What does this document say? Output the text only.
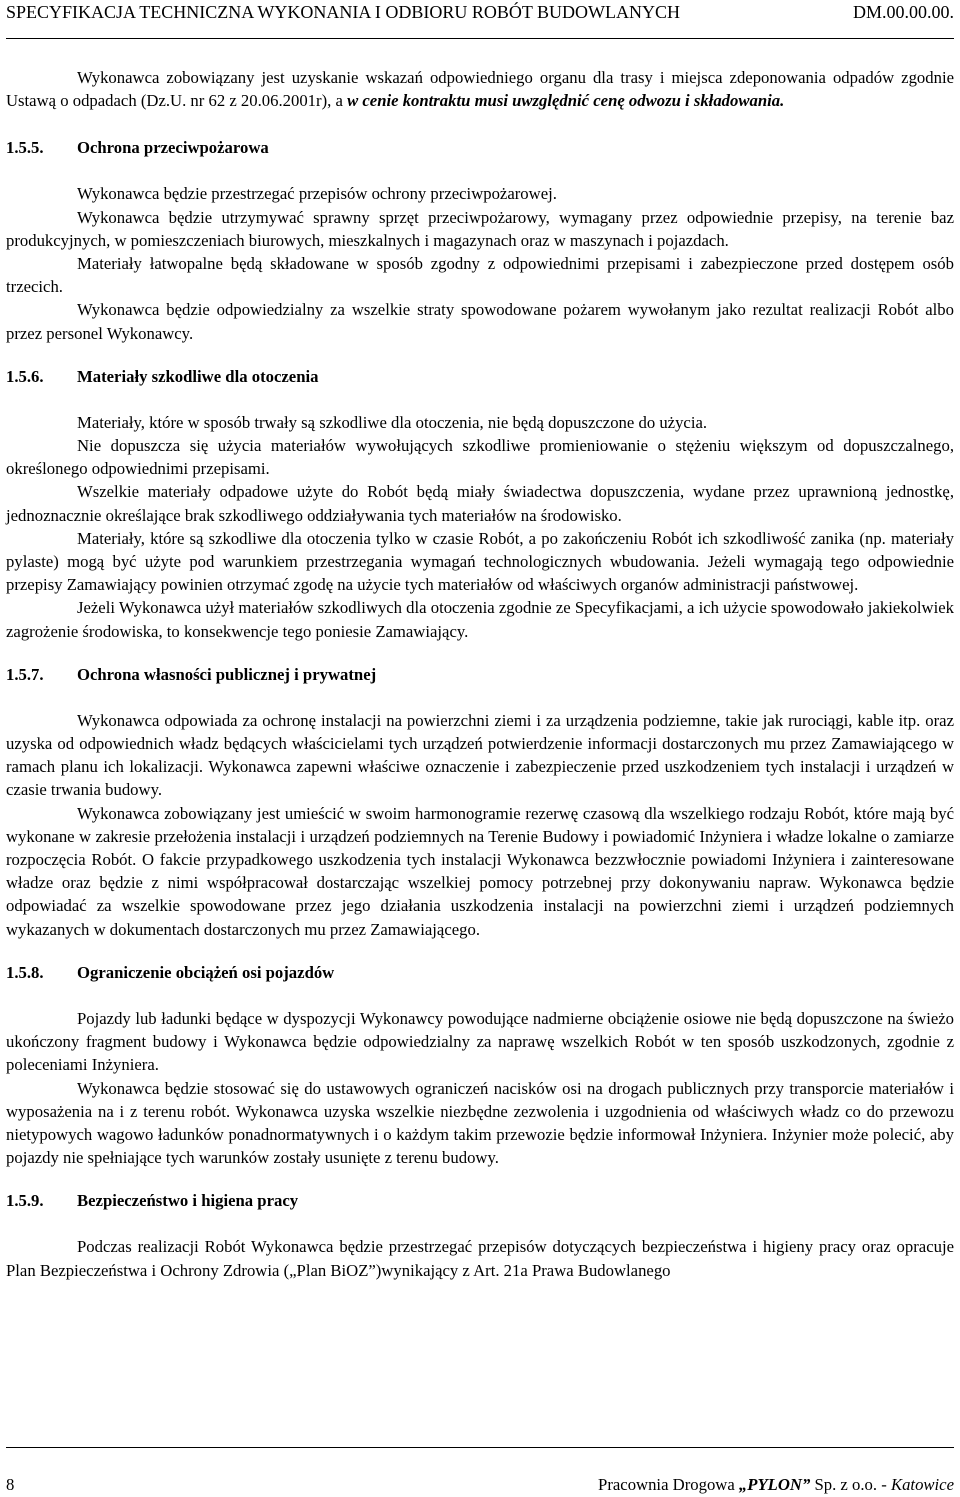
SPECYFIKACJA TECHNICZNA WYKONANIA I ODBIORU ROBÓT BUDOWLANYCH	DM.00.00.00.

Wykonawca zobowiązany jest uzyskanie wskazań odpowiedniego organu dla trasy i miejsca zdeponowania odpadów zgodnie Ustawą o odpadach (Dz.U. nr 62 z 20.06.2001r), a w cenie kontraktu musi uwzględnić cenę odwozu i składowania.

1.5.5.	Ochrona przeciwpożarowa

Wykonawca będzie przestrzegać przepisów ochrony przeciwpożarowej.

Wykonawca będzie utrzymywać sprawny sprzęt przeciwpożarowy, wymagany przez odpowiednie przepisy, na terenie baz produkcyjnych, w pomieszczeniach biurowych, mieszkalnych i magazynach oraz w maszynach i pojazdach.

Materiały łatwopalne będą składowane w sposób zgodny z odpowiednimi przepisami i zabezpieczone przed dostępem osób trzecich.

Wykonawca będzie odpowiedzialny za wszelkie straty spowodowane pożarem wywołanym jako rezultat realizacji Robót albo przez personel Wykonawcy.

1.5.6.	Materiały szkodliwe dla otoczenia

Materiały, które w sposób trwały są szkodliwe dla otoczenia, nie będą dopuszczone do użycia.

Nie dopuszcza się użycia materiałów wywołujących szkodliwe promieniowanie o stężeniu większym od dopuszczalnego, określonego odpowiednimi przepisami.

Wszelkie materiały odpadowe użyte do Robót będą miały świadectwa dopuszczenia, wydane przez uprawnioną jednostkę, jednoznacznie określające brak szkodliwego oddziaływania tych materiałów na środowisko.

Materiały, które są szkodliwe dla otoczenia tylko w czasie Robót, a po zakończeniu Robót ich szkodliwość zanika (np. materiały pylaste) mogą być użyte pod warunkiem przestrzegania wymagań technologicznych wbudowania. Jeżeli wymagają tego odpowiednie przepisy Zamawiający powinien otrzymać zgodę na użycie tych materiałów od właściwych organów administracji państwowej.

Jeżeli Wykonawca użył materiałów szkodliwych dla otoczenia zgodnie ze Specyfikacjami, a ich użycie spowodowało jakiekolwiek zagrożenie środowiska, to konsekwencje tego poniesie Zamawiający.

1.5.7.	Ochrona własności publicznej i prywatnej

Wykonawca odpowiada za ochronę instalacji na powierzchni ziemi i za urządzenia podziemne, takie jak rurociągi, kable itp. oraz uzyska od odpowiednich władz będących właścicielami tych urządzeń potwierdzenie informacji dostarczonych mu przez Zamawiającego w ramach planu ich lokalizacji. Wykonawca zapewni właściwe oznaczenie i zabezpieczenie przed uszkodzeniem tych instalacji i urządzeń w czasie trwania budowy.

Wykonawca zobowiązany jest umieścić w swoim harmonogramie rezerwę czasową dla wszelkiego rodzaju Robót, które mają być wykonane w zakresie przełożenia instalacji i urządzeń podziemnych na Terenie Budowy i powiadomić Inżyniera i władze lokalne o zamiarze rozpoczęcia Robót. O fakcie przypadkowego uszkodzenia tych instalacji Wykonawca bezzwłocznie powiadomi Inżyniera i zainteresowane władze oraz będzie z nimi współpracował dostarczając wszelkiej pomocy potrzebnej przy dokonywaniu napraw. Wykonawca będzie odpowiadać za wszelkie spowodowane przez jego działania uszkodzenia instalacji na powierzchni ziemi i urządzeń podziemnych wykazanych w dokumentach dostarczonych mu przez Zamawiającego.

1.5.8.	Ograniczenie obciążeń osi pojazdów

Pojazdy lub ładunki będące w dyspozycji Wykonawcy powodujące nadmierne obciążenie osiowe nie będą dopuszczone na świeżo ukończony fragment budowy i Wykonawca będzie odpowiedzialny za naprawę wszelkich Robót w ten sposób uszkodzonych, zgodnie z poleceniami Inżyniera.

Wykonawca będzie stosować się do ustawowych ograniczeń nacisków osi na drogach publicznych przy transporcie materiałów i wyposażenia na i z terenu robót. Wykonawca uzyska wszelkie niezbędne zezwolenia i uzgodnienia od właściwych władz co do przewozu nietypowych wagowo ładunków ponadnormatywnych i o każdym takim przewozie będzie informował Inżyniera. Inżynier może polecić, aby pojazdy nie spełniające tych warunków zostały usunięte z terenu budowy.

1.5.9.	Bezpieczeństwo i higiena pracy

Podczas realizacji Robót Wykonawca będzie przestrzegać przepisów dotyczących bezpieczeństwa i higieny pracy oraz opracuje Plan Bezpieczeństwa i Ochrony Zdrowia („Plan BiOZ”)wynikający z Art. 21a Prawa Budowlanego

8	Pracownia Drogowa „PYLON” Sp. z o.o. - Katowice
